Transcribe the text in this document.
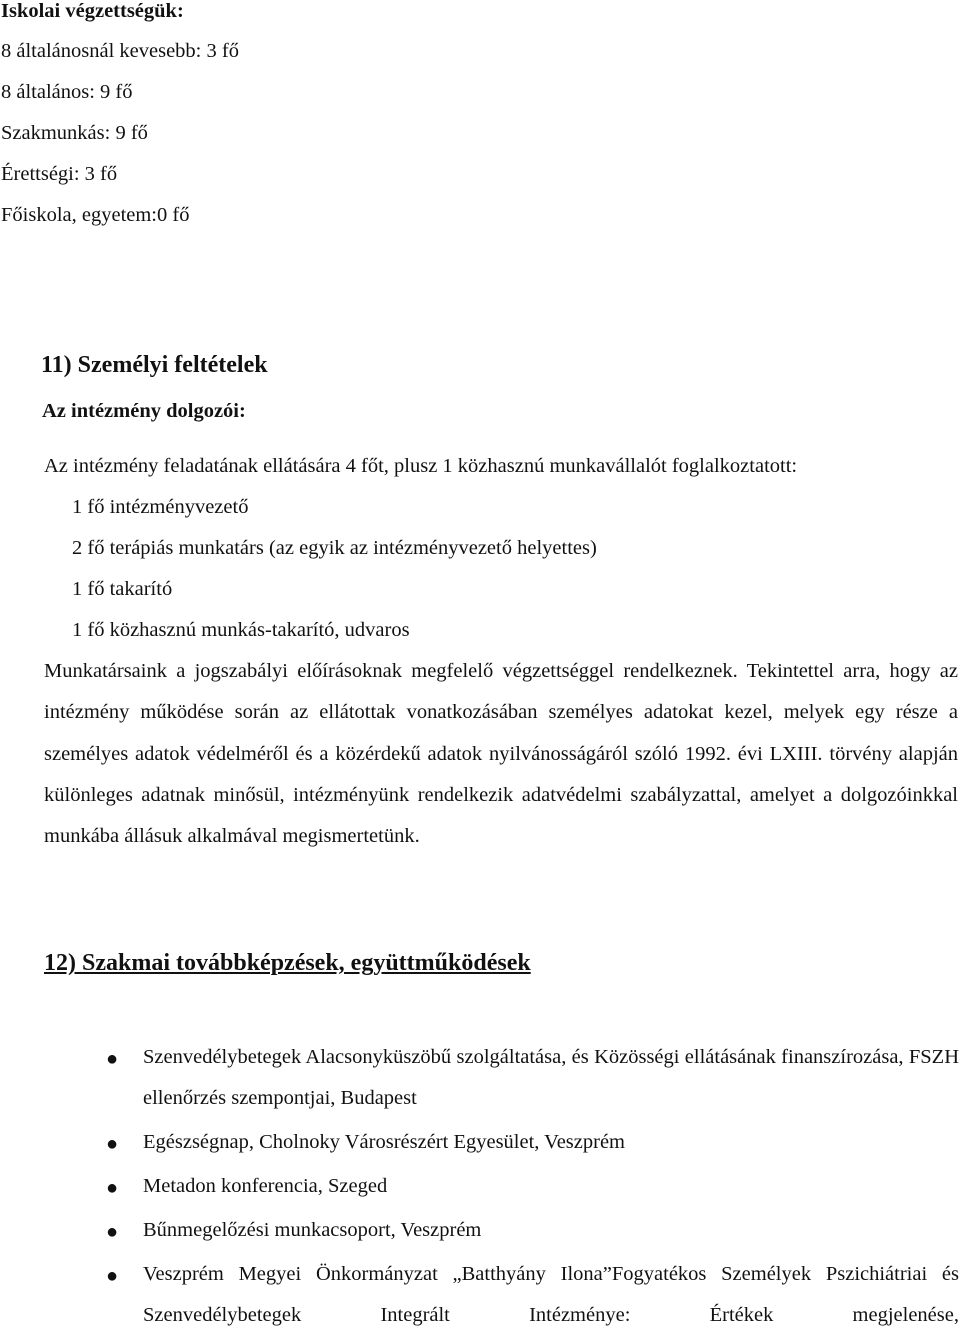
Iskolai végzettségük:
8 általánosnál kevesebb: 3 fő
8 általános: 9 fő
Szakmunkás: 9 fő
Érettségi: 3 fő
Főiskola, egyetem:0 fő
11) Személyi feltételek
Az intézmény dolgozói:
Az intézmény feladatának ellátására 4 főt, plusz 1 közhasznú munkavállalót foglalkoztatott:
1 fő intézményvezető
2 fő terápiás munkatárs (az egyik az intézményvezető helyettes)
1 fő takarító
1 fő közhasznú munkás-takarító, udvaros
Munkatársaink a jogszabályi előírásoknak megfelelő végzettséggel rendelkeznek. Tekintettel arra, hogy az intézmény működése során az ellátottak vonatkozásában személyes adatokat kezel, melyek egy része a személyes adatok védelméről és a közérdekű adatok nyilvánosságáról szóló 1992. évi LXIII. törvény alapján különleges adatnak minősül, intézményünk rendelkezik adatvédelmi szabályzattal, amelyet a dolgozóinkkal munkába állásuk alkalmával megismertetünk.
12) Szakmai továbbképzések, együttműködések
● Szenvedélybetegek Alacsonyküszöbű szolgáltatása, és Közösségi ellátásának finanszírozása, FSZH ellenőrzés szempontjai, Budapest
● Egészségnap, Cholnoky Városrészért Egyesület, Veszprém
● Metadon konferencia, Szeged
● Bűnmegelőzési munkacsoport, Veszprém
● Veszprém Megyei Önkormányzat „Batthyány Ilona”Fogyatékos Személyek Pszichiátriai és Szenvedélybetegek Integrált Intézménye: Értékek megjelenése,
